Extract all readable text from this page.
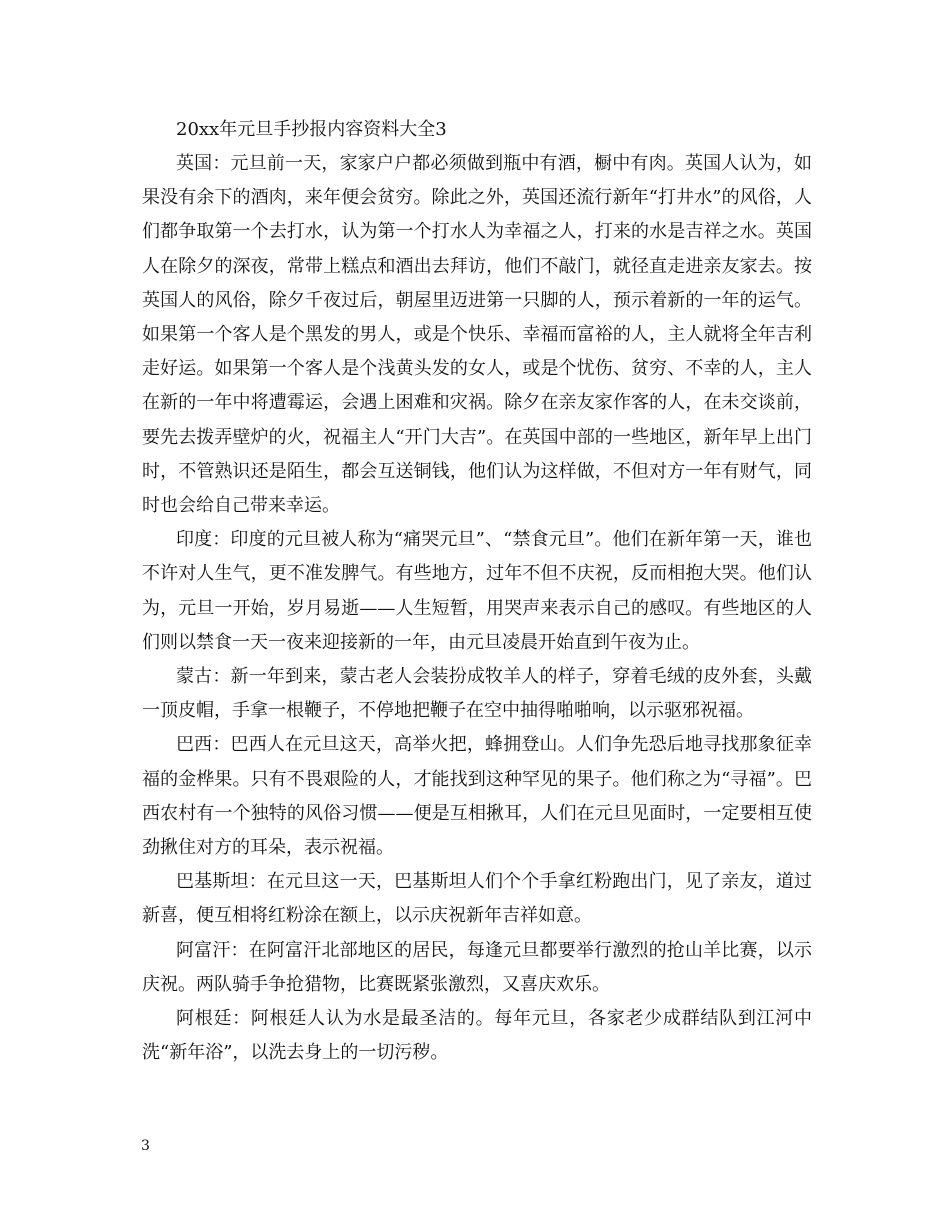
20xx年元旦手抄报内容资料大全3

英国：元旦前一天，家家户户都必须做到瓶中有酒，橱中有肉。英国人认为，如果没有余下的酒肉，来年便会贫穷。除此之外，英国还流行新年“打井水”的风俗，人们都争取第一个去打水，认为第一个打水人为幸福之人，打来的水是吉祥之水。英国人在除夕的深夜，常带上糕点和酒出去拜访，他们不敲门，就径直走进亲友家去。按英国人的风俗，除夕千夜过后，朝屋里迈进第一只脚的人，预示着新的一年的运气。如果第一个客人是个黑发的男人，或是个快乐、幸福而富裕的人，主人就将全年吉利走好运。如果第一个客人是个浅黄头发的女人，或是个忧伤、贫穷、不幸的人，主人在新的一年中将遭霉运，会遇上困难和灾祸。除夕在亲友家作客的人，在未交谈前，要先去拨弄壁炉的火，祝福主人“开门大吉”。在英国中部的一些地区，新年早上出门时，不管熟识还是陌生，都会互送铜钱，他们认为这样做，不但对方一年有财气，同时也会给自己带来幸运。

印度：印度的元旦被人称为“痛哭元旦”、“禁食元旦”。他们在新年第一天，谁也不许对人生气，更不准发脾气。有些地方，过年不但不庆祝，反而相抱大哭。他们认为，元旦一开始，岁月易逝——人生短暂，用哭声来表示自己的感叹。有些地区的人们则以禁食一天一夜来迎接新的一年，由元旦凌晨开始直到午夜为止。

蒙古：新一年到来，蒙古老人会装扮成牧羊人的样子，穿着毛绒的皮外套，头戴一顶皮帽，手拿一根鞭子，不停地把鞭子在空中抽得啪啪响，以示驱邪祝福。

巴西：巴西人在元旦这天，高举火把，蜂拥登山。人们争先恐后地寻找那象征幸福的金桦果。只有不畏艰险的人，才能找到这种罕见的果子。他们称之为“寻福”。巴西农村有一个独特的风俗习惯——便是互相揪耳，人们在元旦见面时，一定要相互使劲揪住对方的耳朵，表示祝福。

巴基斯坦：在元旦这一天，巴基斯坦人们个个手拿红粉跑出门，见了亲友，道过新喜，便互相将红粉涂在额上，以示庆祝新年吉祥如意。

阿富汗：在阿富汗北部地区的居民，每逢元旦都要举行激烈的抢山羊比赛，以示庆祝。两队骑手争抢猎物，比赛既紧张激烈，又喜庆欢乐。

阿根廷：阿根廷人认为水是最圣洁的。每年元旦，各家老少成群结队到江河中洗“新年浴”，以洗去身上的一切污秽。

3
